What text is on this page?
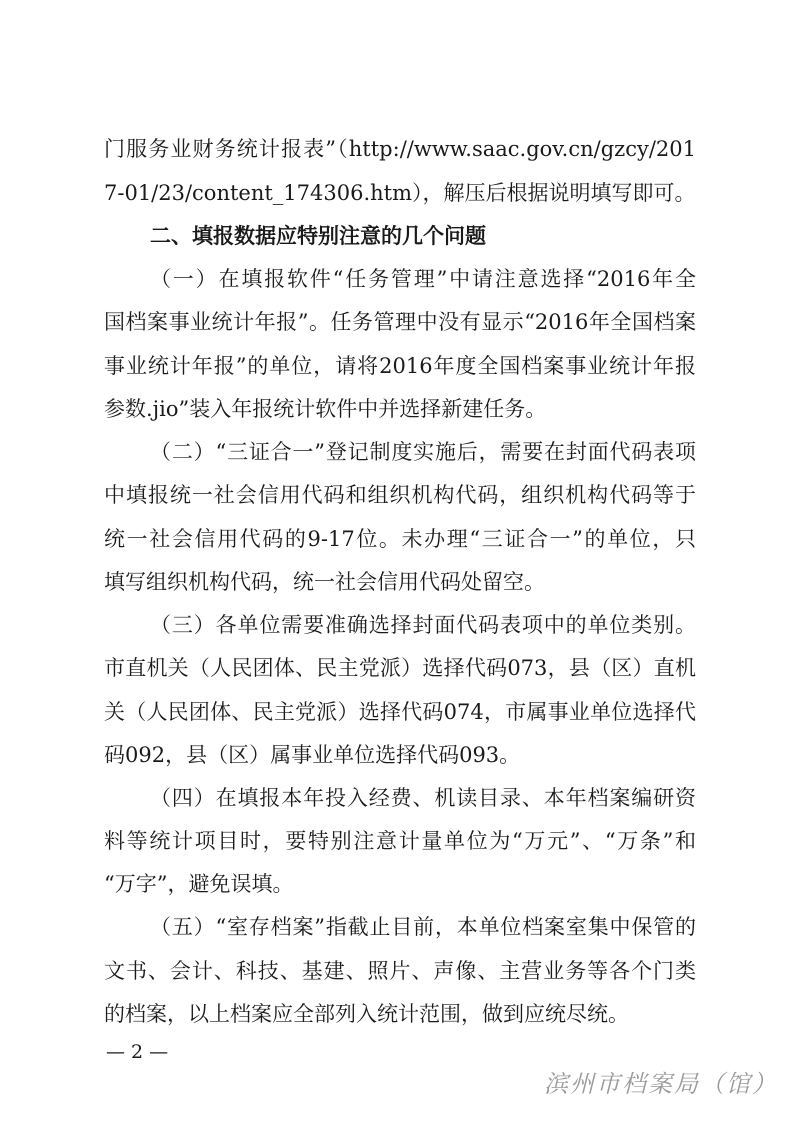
门服务业财务统计报表”（http://www.saac.gov.cn/gzcy/201
7-01/23/content_174306.htm），解压后根据说明填写即可。
二、填报数据应特别注意的几个问题
（一）在填报软件“任务管理”中请注意选择“2016年全
国档案事业统计年报”。任务管理中没有显示“2016年全国档案
事业统计年报”的单位，请将2016年度全国档案事业统计年报
参数.jio”装入年报统计软件中并选择新建任务。
（二）“三证合一”登记制度实施后，需要在封面代码表项
中填报统一社会信用代码和组织机构代码，组织机构代码等于
统一社会信用代码的9-17位。未办理“三证合一”的单位，只
填写组织机构代码，统一社会信用代码处留空。
（三）各单位需要准确选择封面代码表项中的单位类别。
市直机关（人民团体、民主党派）选择代码073，县（区）直机
关（人民团体、民主党派）选择代码074，市属事业单位选择代
码092，县（区）属事业单位选择代码093。
（四）在填报本年投入经费、机读目录、本年档案编研资
料等统计项目时，要特别注意计量单位为“万元”、“万条”和
“万字”，避免误填。
（五）“室存档案”指截止目前，本单位档案室集中保管的
文书、会计、科技、基建、照片、声像、主营业务等各个门类
的档案，以上档案应全部列入统计范围，做到应统尽统。
— 2 —
滨州市档案局（馆）
